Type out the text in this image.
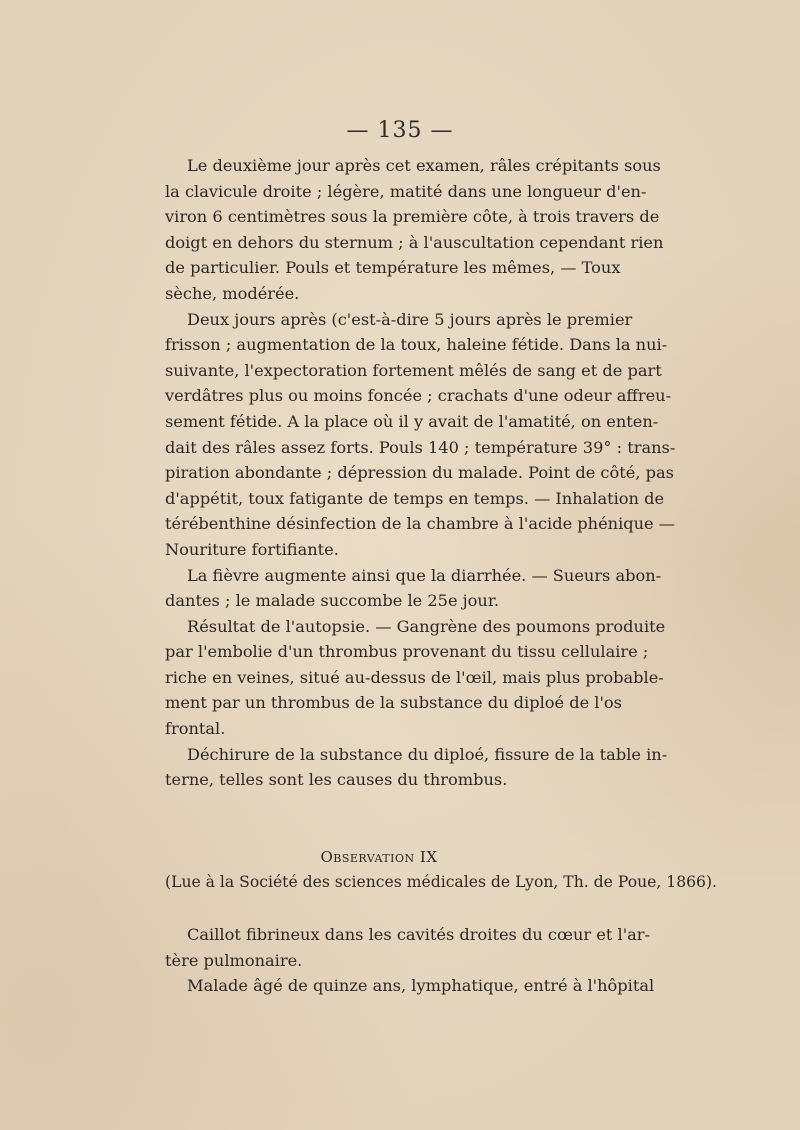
— 135 —

Le deuxième jour après cet examen, râles crépitants sous
la clavicule droite ; légère, matité dans une longueur d'en-
viron 6 centimètres sous la première côte, à trois travers de
doigt en dehors du sternum ; à l'auscultation cependant rien
de particulier. Pouls et température les mêmes, — Toux
sèche, modérée.

Deux jours après (c'est-à-dire 5 jours après le premier
frisson ; augmentation de la toux, haleine fétide. Dans la nui-
suivante, l'expectoration fortement mêlés de sang et de part
verdâtres plus ou moins foncée ; crachats d'une odeur affreu-
sement fétide. A la place où il y avait de l'amatité, on enten-
dait des râles assez forts. Pouls 140 ; température 39° : trans-
piration abondante ; dépression du malade. Point de côté, pas
d'appétit, toux fatigante de temps en temps. — Inhalation de
térébenthine désinfection de la chambre à l'acide phénique —
Nouriture fortifiante.

La fièvre augmente ainsi que la diarrhée. — Sueurs abon-
dantes ; le malade succombe le 25e jour.

Résultat de l'autopsie. — Gangrène des poumons produite
par l'embolie d'un thrombus provenant du tissu cellulaire ;
riche en veines, situé au-dessus de l'œil, mais plus probable-
ment par un thrombus de la substance du diploé de l'os
frontal.

Déchirure de la substance du diploé, fissure de la table in-
terne, telles sont les causes du thrombus.

Observation IX
(Lue à la Société des sciences médicales de Lyon, Th. de Poue, 1866).

Caillot fibrineux dans les cavités droites du cœur et l'ar-
tère pulmonaire.

Malade âgé de quinze ans, lymphatique, entré à l'hôpital
